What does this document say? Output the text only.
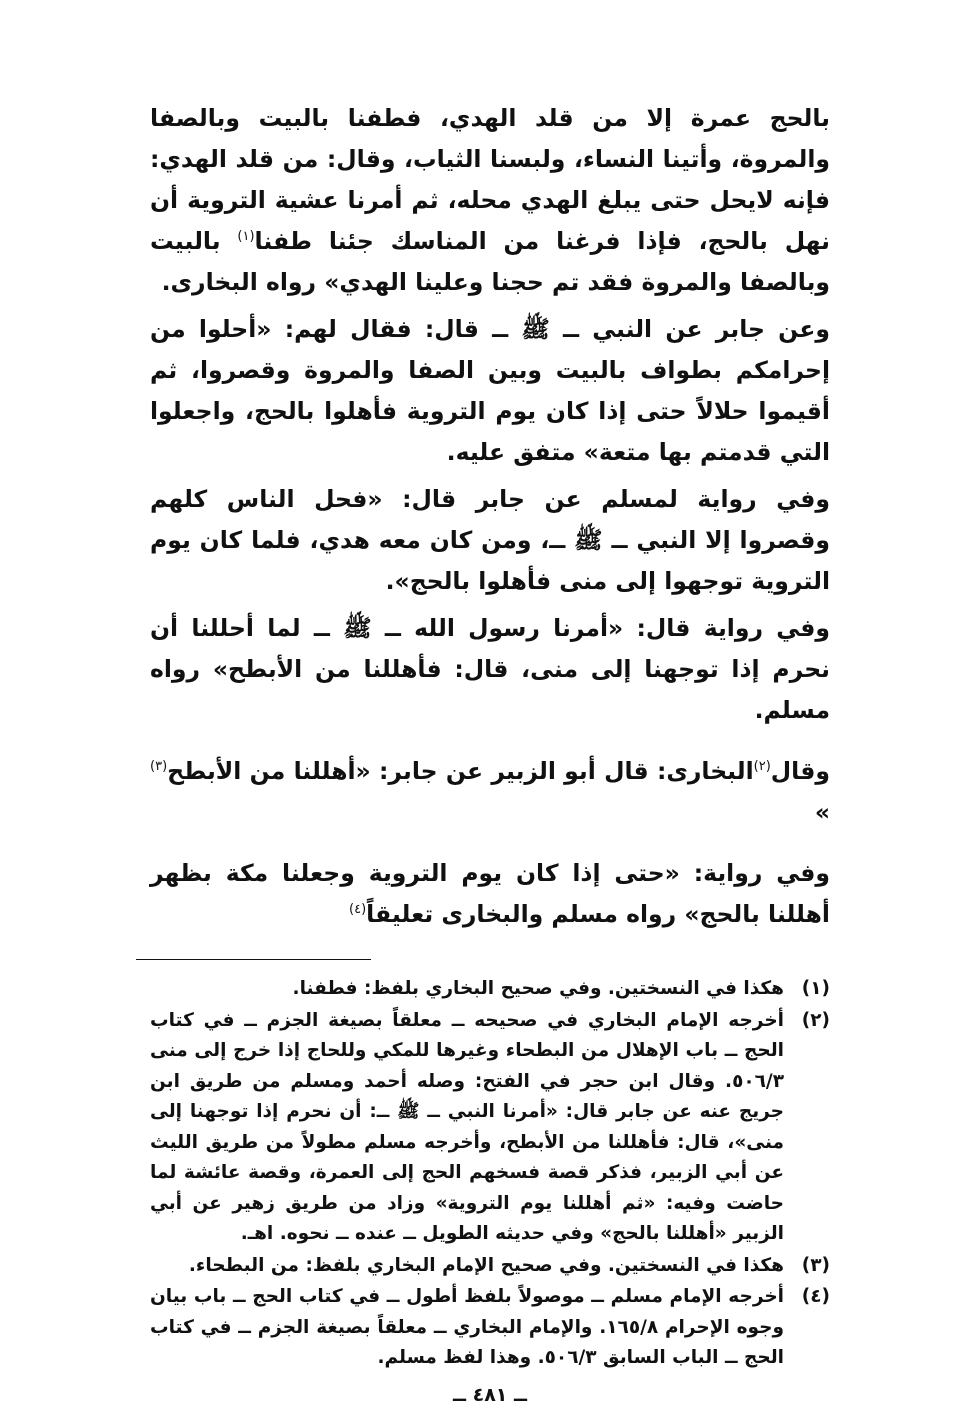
بالحج عمرة إلا من قلد الهدي، فطفنا بالبيت وبالصفا والمروة، وأتينا النساء، ولبسنا الثياب، وقال: من قلد الهدي: فإنه لايحل حتى يبلغ الهدي محله، ثم أمرنا عشية التروية أن نهل بالحج، فإذا فرغنا من المناسك جئنا طفنا$^{(١)}$ بالبيت وبالصفا والمروة فقد تم حجنا وعلينا الهدي» رواه البخارى.

وعن جابر عن النبي ــ ﷺ ــ قال: فقال لهم: «أحلوا من إحرامكم بطواف بالبيت وبين الصفا والمروة وقصروا، ثم أقيموا حلالاً حتى إذا كان يوم التروية فأهلوا بالحج، واجعلوا التي قدمتم بها متعة» متفق عليه.

وفي رواية لمسلم عن جابر قال: «فحل الناس كلهم وقصروا إلا النبي ــ ﷺ ــ، ومن كان معه هدي، فلما كان يوم التروية توجهوا إلى منى فأهلوا بالحج».

وفي رواية قال: «أمرنا رسول الله ــ ﷺ ــ لما أحللنا أن نحرم إذا توجهنا إلى منى، قال: فأهللنا من الأبطح» رواه مسلم.

وقال$^{(٢)}$البخارى: قال أبو الزبير عن جابر: «أهللنا من الأبطح$^{(٣)}$ »

وفي رواية: «حتى إذا كان يوم التروية وجعلنا مكة بظهر أهللنا بالحج» رواه مسلم والبخارى تعليقاً$^{(٤)}$

(١)
هكذا في النسختين. وفي صحيح البخاري بلفظ: فطفنا.
(٢)
أخرجه الإمام البخاري في صحيحه ــ معلقاً بصيغة الجزم ــ في كتاب الحج ــ باب الإهلال من البطحاء وغيرها للمكي وللحاج إذا خرج إلى منى ٥٠٦/٣. وقال ابن حجر في الفتح: وصله أحمد ومسلم من طريق ابن جريج عنه عن جابر قال: «أمرنا النبي ــ ﷺ ــ: أن نحرم إذا توجهنا إلى منى»، قال: فأهللنا من الأبطح، وأخرجه مسلم مطولاً من طريق الليث عن أبي الزبير، فذكر قصة فسخهم الحج إلى العمرة، وقصة عائشة لما حاضت وفيه: «ثم أهللنا يوم التروية» وزاد من طريق زهير عن أبي الزبير «أهللنا بالحج» وفي حديثه الطويل ــ عنده ــ نحوه. اهـ.
(٣)
هكذا في النسختين. وفي صحيح الإمام البخاري بلفظ: من البطحاء.
(٤)
أخرجه الإمام مسلم ــ موصولاً بلفظ أطول ــ في كتاب الحج ــ باب بيان وجوه الإحرام ١٦٥/٨. والإمام البخاري ــ معلقاً بصيغة الجزم ــ في كتاب الحج ــ الباب السابق ٥٠٦/٣. وهذا لفظ مسلم.
ــ ٤٨١ ــ
